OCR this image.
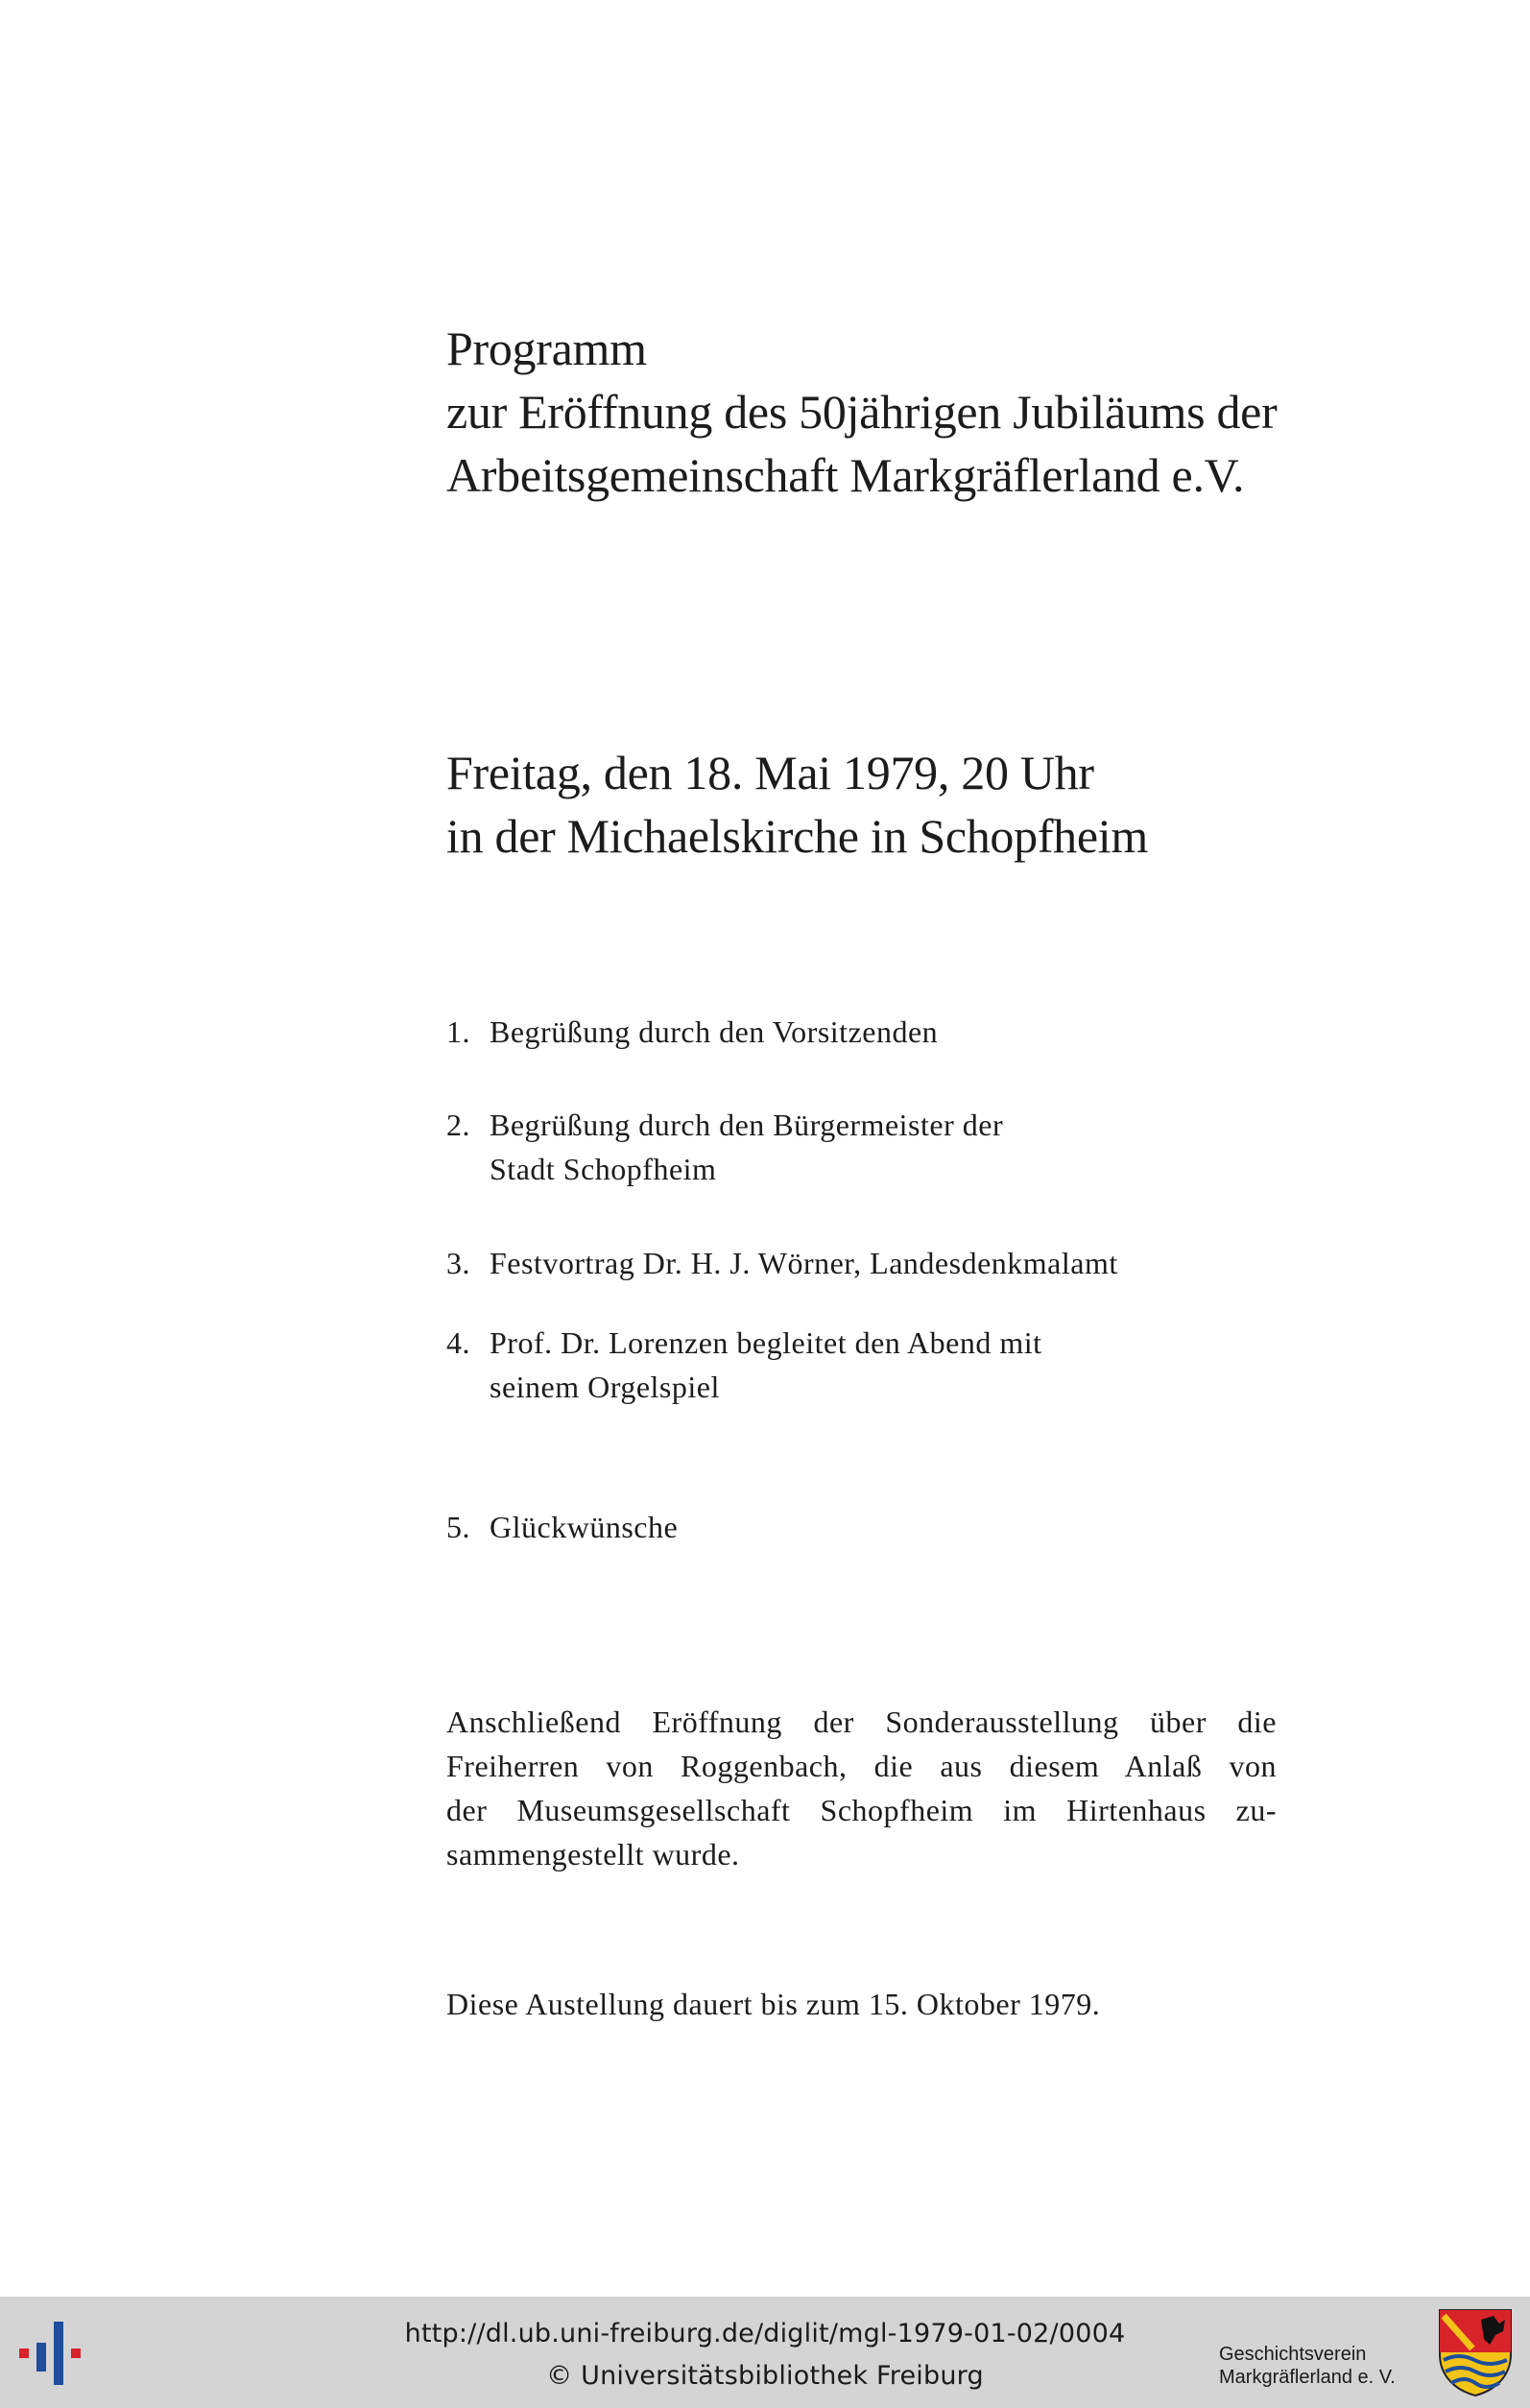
Programm
zur Eröffnung des 50jährigen Jubiläums der
Arbeitsgemeinschaft Markgräflerland e.V.
Freitag, den 18. Mai 1979, 20 Uhr
in der Michaelskirche in Schopfheim
1. Begrüßung durch den Vorsitzenden
2. Begrüßung durch den Bürgermeister der
Stadt Schopfheim
3. Festvortrag Dr. H. J. Wörner, Landesdenkmalamt
4. Prof. Dr. Lorenzen begleitet den Abend mit
seinem Orgelspiel
5. Glückwünsche

Anschließend Eröffnung der Sonderausstellung über die
Freiherren von Roggenbach, die aus diesem Anlaß von
der Museumsgesellschaft Schopfheim im Hirtenhaus zu-
sammengestellt wurde.

Diese Austellung dauert bis zum 15. Oktober 1979.

http://dl.ub.uni-freiburg.de/diglit/mgl-1979-01-02/0004
© Universitätsbibliothek Freiburg
Geschichtsverein
Markgräflerland e. V.
